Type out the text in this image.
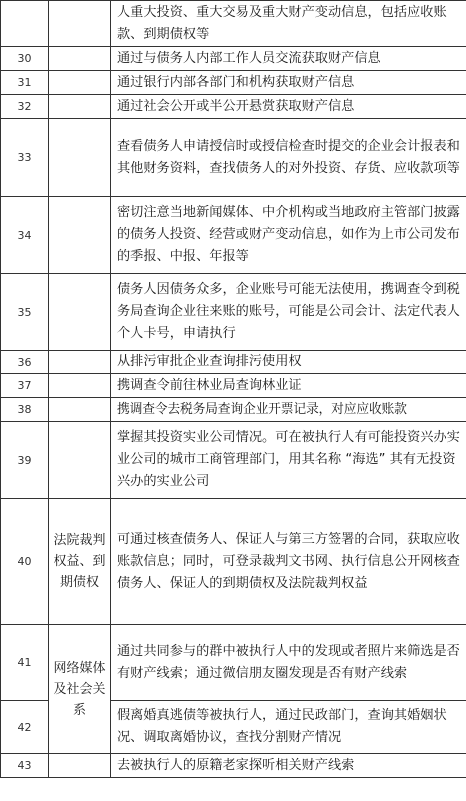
		人重大投资、重大交易及重大财产变动信息，包括应收账款、到期债权等
30		通过与债务人内部工作人员交流获取财产信息
31		通过银行内部各部门和机构获取财产信息
32		通过社会公开或半公开悬赏获取财产信息
33		查看债务人申请授信时或授信检查时提交的企业会计报表和其他财务资料，查找债务人的对外投资、存货、应收款项等
34		密切注意当地新闻媒体、中介机构或当地政府主管部门披露的债务人投资、经营或财产变动信息，如作为上市公司发布的季报、中报、年报等
35		债务人因债务众多，企业账号可能无法使用，携调查令到税务局查询企业往来账的账号，可能是公司会计、法定代表人个人卡号，申请执行
36		从排污审批企业查询排污使用权
37		携调查令前往林业局查询林业证
38		携调查令去税务局查询企业开票记录，对应应收账款
39		掌握其投资实业公司情况。可在被执行人有可能投资兴办实业公司的城市工商管理部门，用其名称 “海选” 其有无投资兴办的实业公司
40	法院裁判权益、到期债权	可通过核查债务人、保证人与第三方签署的合同，获取应收账款信息；同时，可登录裁判文书网、执行信息公开网核查债务人、保证人的到期债权及法院裁判权益
41	网络媒体及社会关系	通过共同参与的群中被执行人中的发现或者照片来筛选是否有财产线索；通过微信朋友圈发现是否有财产线索
42		假离婚真逃债等被执行人，通过民政部门，查询其婚姻状况、调取离婚协议，查找分割财产情况
43		去被执行人的原籍老家探听相关财产线索
